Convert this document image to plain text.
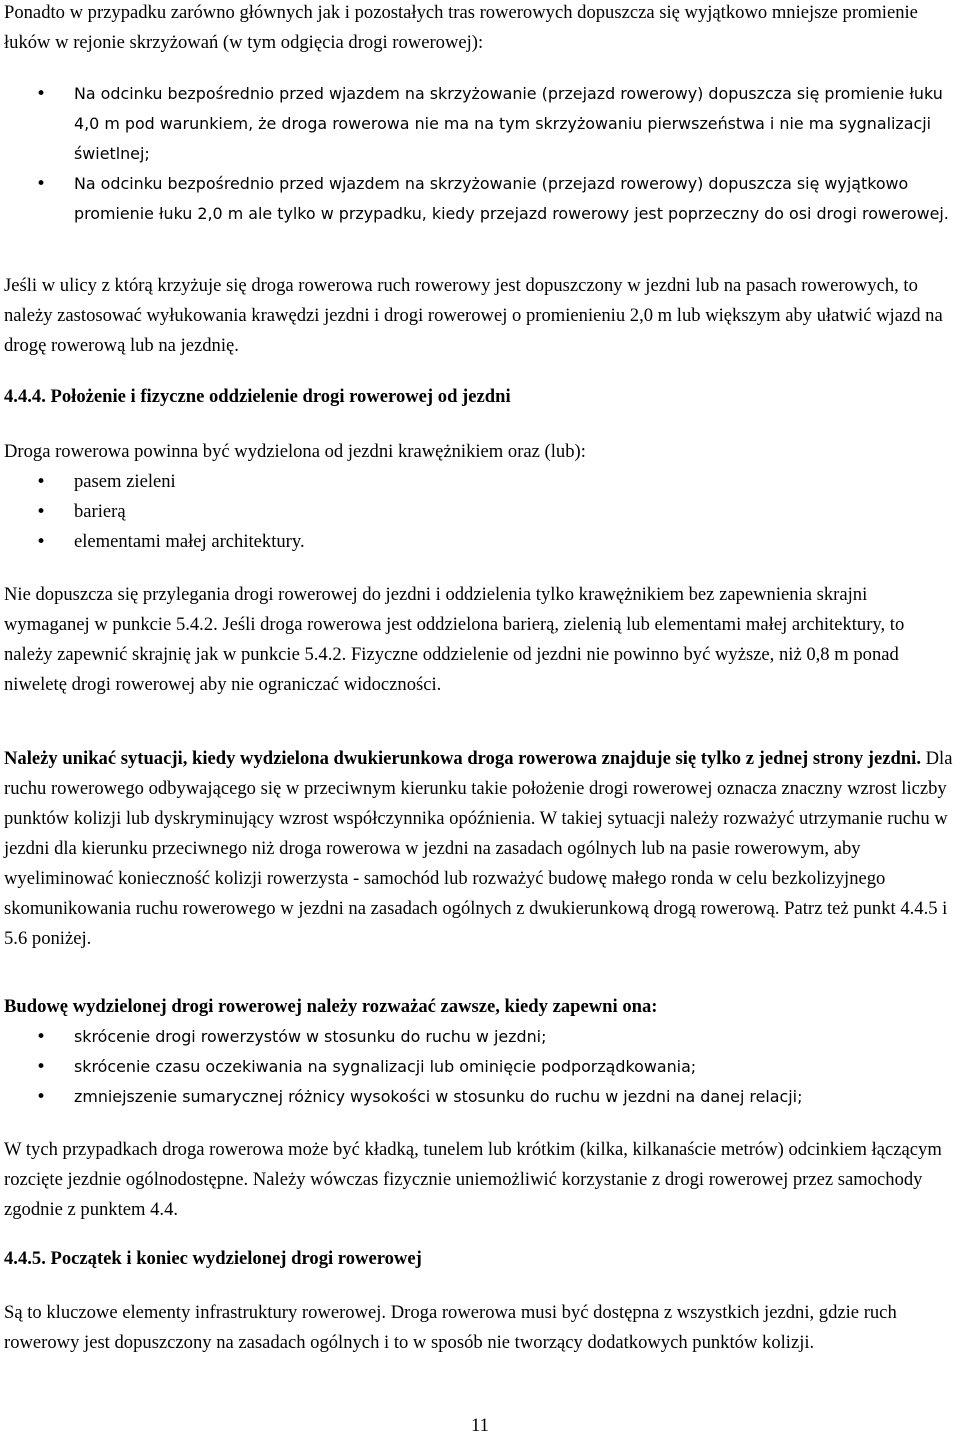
Ponadto w przypadku zarówno głównych jak i pozostałych tras rowerowych dopuszcza się wyjątkowo mniejsze promienie łuków w rejonie skrzyżowań (w tym odgięcia drogi rowerowej):

• Na odcinku bezpośrednio przed wjazdem na skrzyżowanie (przejazd rowerowy) dopuszcza się promienie łuku 4,0 m pod warunkiem, że droga rowerowa nie ma na tym skrzyżowaniu pierwszeństwa i nie ma sygnalizacji świetlnej;
• Na odcinku bezpośrednio przed wjazdem na skrzyżowanie (przejazd rowerowy) dopuszcza się wyjątkowo promienie łuku 2,0 m ale tylko w przypadku, kiedy przejazd rowerowy jest poprzeczny do osi drogi rowerowej.

Jeśli w ulicy z którą krzyżuje się droga rowerowa ruch rowerowy jest dopuszczony w jezdni lub na pasach rowerowych, to należy zastosować wyłukowania krawędzi jezdni i drogi rowerowej o promienieniu 2,0 m lub większym aby ułatwić wjazd na drogę rowerową lub na jezdnię.

4.4.4. Położenie i fizyczne oddzielenie drogi rowerowej od jezdni

Droga rowerowa powinna być wydzielona od jezdni krawężnikiem oraz (lub):

• pasem zieleni
• barierą
• elementami małej architektury.

Nie dopuszcza się przylegania drogi rowerowej do jezdni i oddzielenia tylko krawężnikiem bez zapewnienia skrajni wymaganej w punkcie 5.4.2. Jeśli droga rowerowa jest oddzielona barierą, zielenią lub elementami małej architektury, to należy zapewnić skrajnię jak w punkcie 5.4.2. Fizyczne oddzielenie od jezdni nie powinno być wyższe, niż 0,8 m ponad niweletę drogi rowerowej aby nie ograniczać widoczności.

Należy unikać sytuacji, kiedy wydzielona dwukierunkowa droga rowerowa znajduje się tylko z jednej strony jezdni. Dla ruchu rowerowego odbywającego się w przeciwnym kierunku takie położenie drogi rowerowej oznacza znaczny wzrost liczby punktów kolizji lub dyskryminujący wzrost współczynnika opóźnienia. W takiej sytuacji należy rozważyć utrzymanie ruchu w jezdni dla kierunku przeciwnego niż droga rowerowa w jezdni na zasadach ogólnych lub na pasie rowerowym, aby wyeliminować konieczność kolizji rowerzysta - samochód lub rozważyć budowę małego ronda w celu bezkolizyjnego skomunikowania ruchu rowerowego w jezdni na zasadach ogólnych z dwukierunkową drogą rowerową. Patrz też punkt 4.4.5 i 5.6 poniżej.

Budowę wydzielonej drogi rowerowej należy rozważać zawsze, kiedy zapewni ona:

• skrócenie drogi rowerzystów w stosunku do ruchu w jezdni;
• skrócenie czasu oczekiwania na sygnalizacji lub ominięcie podporządkowania;
• zmniejszenie sumarycznej różnicy wysokości w stosunku do ruchu w jezdni na danej relacji;

W tych przypadkach droga rowerowa może być kładką, tunelem lub krótkim (kilka, kilkanaście metrów) odcinkiem łączącym rozcięte jezdnie ogólnodostępne. Należy wówczas fizycznie uniemożliwić korzystanie z drogi rowerowej przez samochody zgodnie z punktem 4.4.

4.4.5. Początek i koniec wydzielonej drogi rowerowej

Są to kluczowe elementy infrastruktury rowerowej. Droga rowerowa musi być dostępna z wszystkich jezdni, gdzie ruch rowerowy jest dopuszczony na zasadach ogólnych i to w sposób nie tworzący dodatkowych punktów kolizji.

11
